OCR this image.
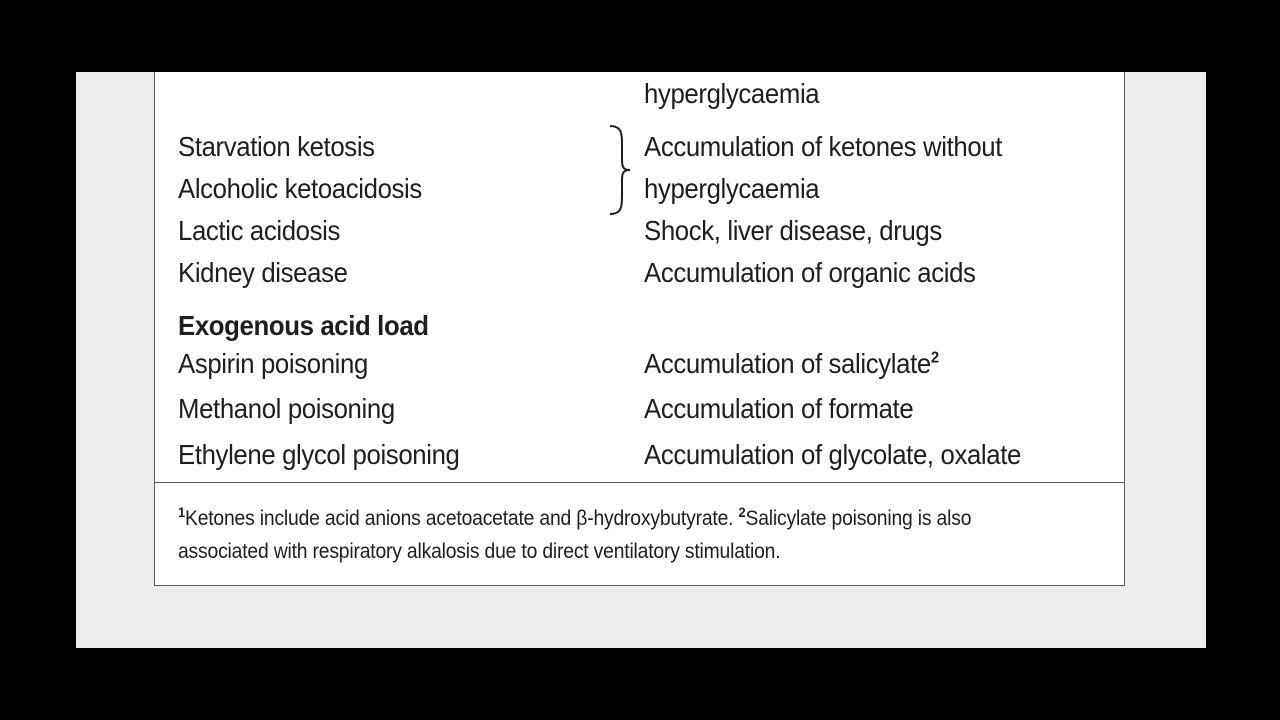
hyperglycaemia
Starvation ketosis	Accumulation of ketones without
Alcoholic ketoacidosis	hyperglycaemia
Lactic acidosis	Shock, liver disease, drugs
Kidney disease	Accumulation of organic acids
Exogenous acid load
Aspirin poisoning	Accumulation of salicylate$^2$
Methanol poisoning	Accumulation of formate
Ethylene glycol poisoning	Accumulation of glycolate, oxalate
$^1$Ketones include acid anions acetoacetate and β-hydroxybutyrate. $^2$Salicylate poisoning is also
associated with respiratory alkalosis due to direct ventilatory stimulation.
